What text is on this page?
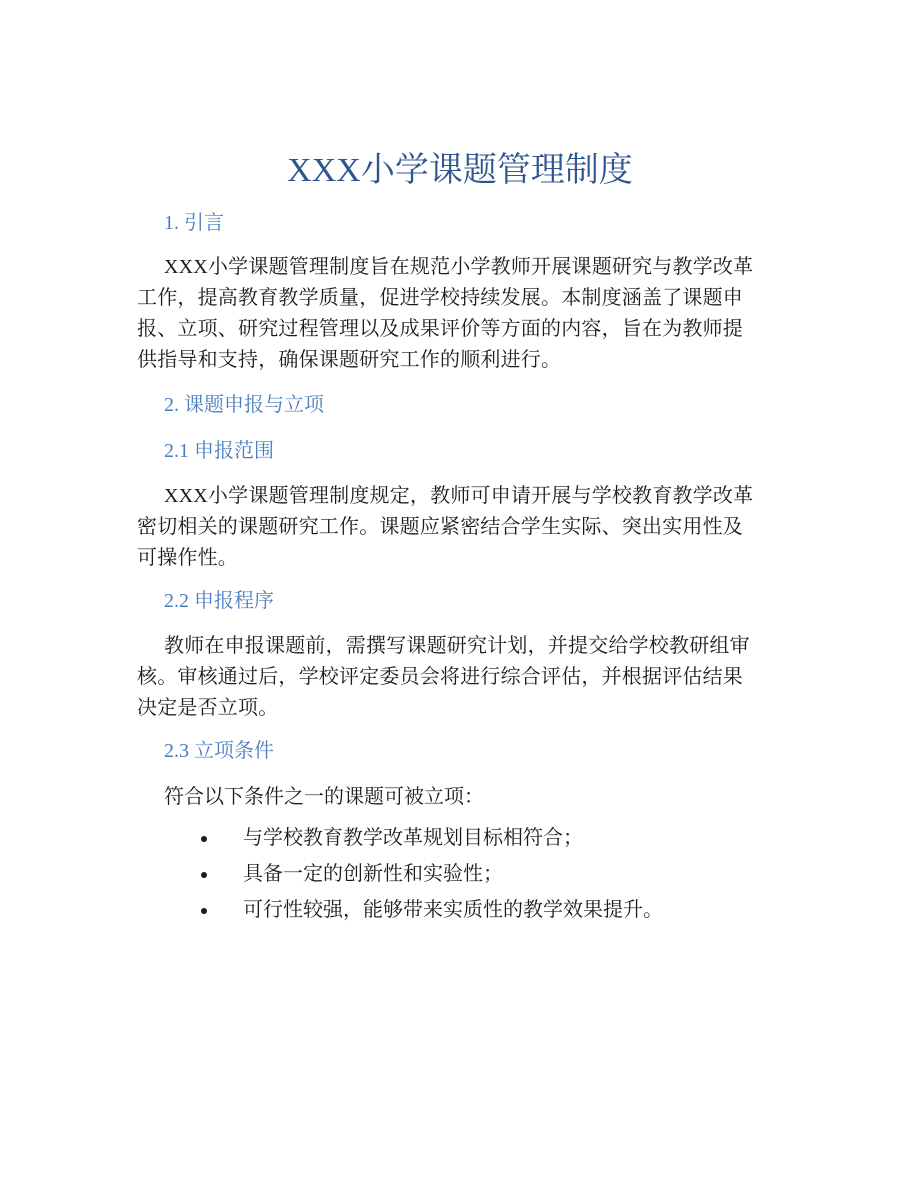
XXX小学课题管理制度
1. 引言
XXX小学课题管理制度旨在规范小学教师开展课题研究与教学改革
工作，提高教育教学质量，促进学校持续发展。本制度涵盖了课题申
报、立项、研究过程管理以及成果评价等方面的内容，旨在为教师提
供指导和支持，确保课题研究工作的顺利进行。
2. 课题申报与立项
2.1 申报范围
XXX小学课题管理制度规定，教师可申请开展与学校教育教学改革
密切相关的课题研究工作。课题应紧密结合学生实际、突出实用性及
可操作性。
2.2 申报程序
教师在申报课题前，需撰写课题研究计划，并提交给学校教研组审
核。审核通过后，学校评定委员会将进行综合评估，并根据评估结果
决定是否立项。
2.3 立项条件
符合以下条件之一的课题可被立项：
与学校教育教学改革规划目标相符合；
具备一定的创新性和实验性；
可行性较强，能够带来实质性的教学效果提升。
